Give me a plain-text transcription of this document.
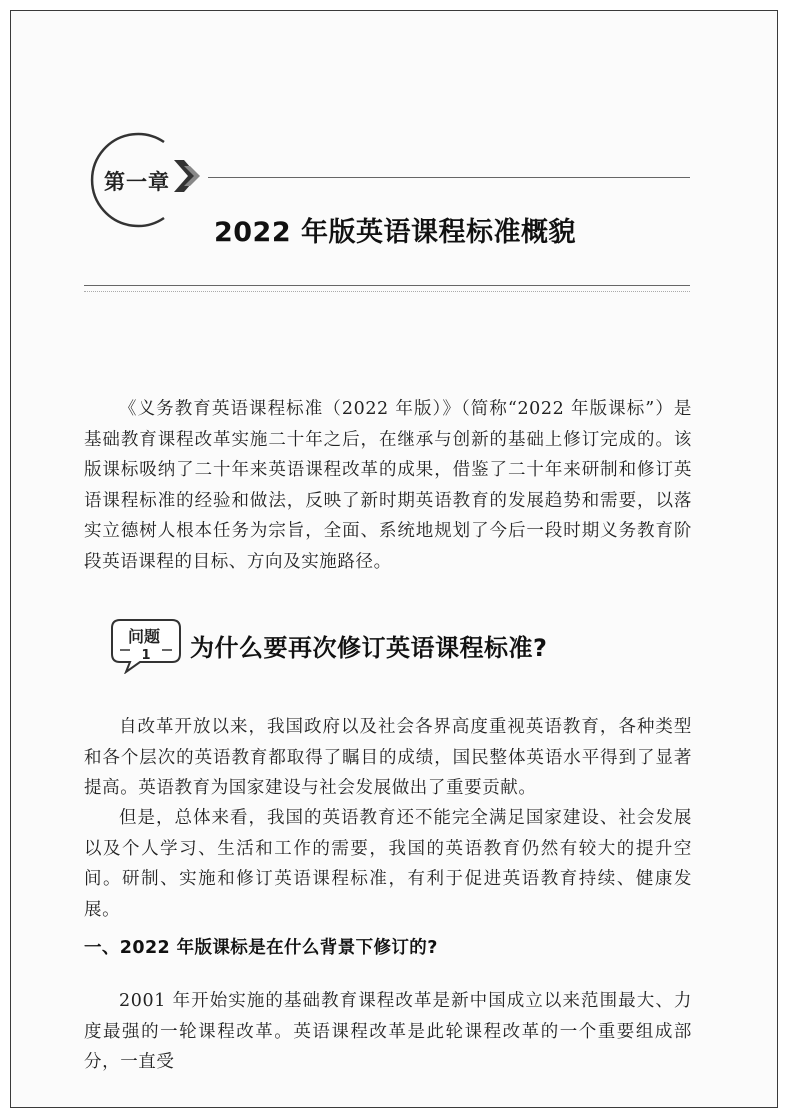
第一章
2022 年版英语课程标准概貌

《义务教育英语课程标准（2022 年版）》（简称“2022 年版课标”）是基础教育课程改革实施二十年之后，在继承与创新的基础上修订完成的。该版课标吸纳了二十年来英语课程改革的成果，借鉴了二十年来研制和修订英语课程标准的经验和做法，反映了新时期英语教育的发展趋势和需要，以落实立德树人根本任务为宗旨，全面、系统地规划了今后一段时期义务教育阶段英语课程的目标、方向及实施路径。

问题
1	为什么要再次修订英语课程标准?

自改革开放以来，我国政府以及社会各界高度重视英语教育，各种类型和各个层次的英语教育都取得了瞩目的成绩，国民整体英语水平得到了显著提高。英语教育为国家建设与社会发展做出了重要贡献。

但是，总体来看，我国的英语教育还不能完全满足国家建设、社会发展以及个人学习、生活和工作的需要，我国的英语教育仍然有较大的提升空间。研制、实施和修订英语课程标准，有利于促进英语教育持续、健康发展。

一、2022 年版课标是在什么背景下修订的?

2001 年开始实施的基础教育课程改革是新中国成立以来范围最大、力度最强的一轮课程改革。英语课程改革是此轮课程改革的一个重要组成部分，一直受
